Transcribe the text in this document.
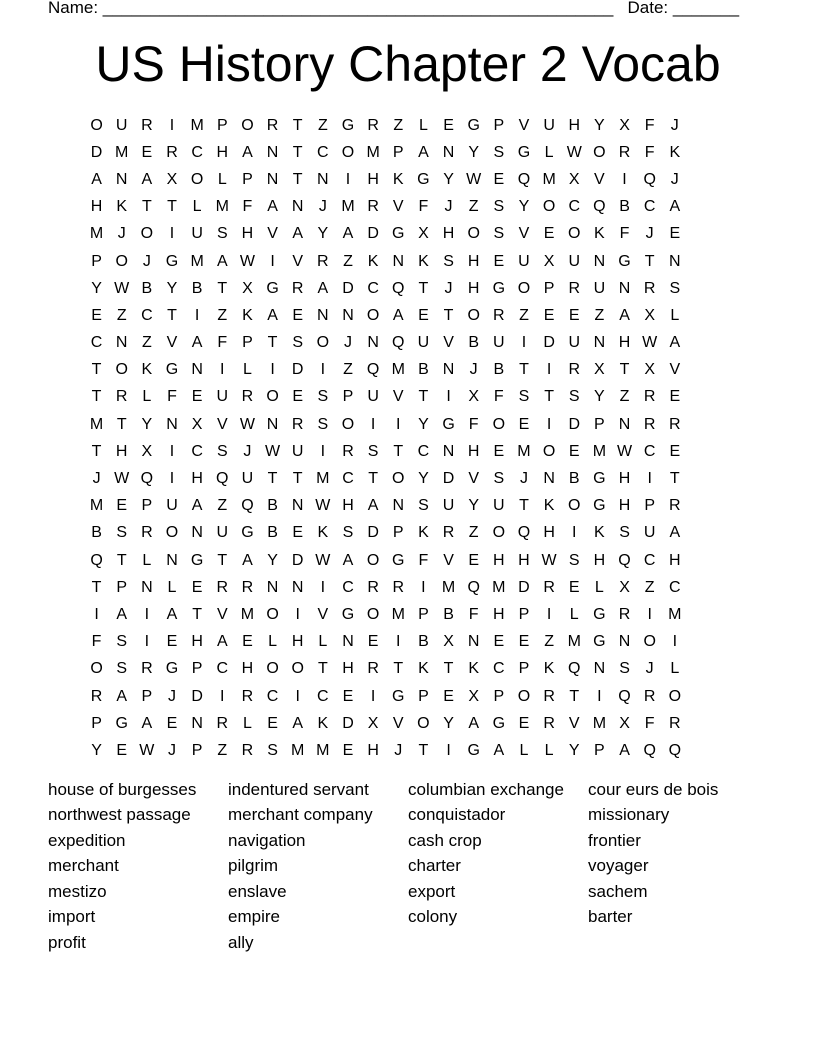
Name: ______________________________________________________ Date: _______
US History Chapter 2 Vocab
O U R	I	M P O R T Z G R Z L E G P V U H Y X F	J
D M E R C H A N T C O M P A N Y S G L W O R F K
A N A X O L P N T N	I	H K G Y W E Q M X V	I	Q J
H K T T L M F A N J M R V F	J	Z S Y O C Q B C A
M J O	I	U S H V A Y A D G X H O S V E O K F	J E
P O J G M A W I	V R Z K N K S H E U X U N G T N
Y W B Y B T X G R A D C Q T	J H G O P R U N R S
E Z C T	I	Z K A E N N O A E T O R Z E E Z A X L
C N Z V A F P T S O J N Q U V B U	I	D U N H W A
T O K G N	I	L	I	D	I	Z Q M B N J B T	I	R X T X V
T R L F E U R O E S P U V T	I	X F S T S Y Z R E
M T Y N X V W N R S O	I	I	Y G F O E	I	D P N R R
T H X	I	C S J W U	I	R S T C N H E M O E M W C E
J W Q	I	H Q U T T M C T O Y D V S J N B G H	I	T
M E P U A Z Q B N W H A N S U Y U T K O G H P R
B S R O N U G B E K S D P K R Z O Q H	I	K S U A
Q T L N G T A Y D W A O G F V E H H W S H Q C H
T P N L E R R N N	I	C R R	I	M Q M D R E L X Z C
I	A	I	A T V M O	I	V G O M P B F H P	I	L G R	I	M
F S	I	E H A E L H L N E	I	B X N E E Z M G N O	I
O S R G P C H O O T H R T K T K C P K Q N S J	L
R A P J D	I	R C	I	C E	I	G P E X P O R T	I	Q R O
P G A E N R L E A K D X V O Y A G E R V M X F R
Y E W J P Z R S M M E H J	T	I	G A L	L Y P A Q Q
house of burgesses	indentured servant	columbian exchange	cour eurs de bois
northwest passage	merchant company	conquistador	missionary
expedition	navigation	cash crop	frontier
merchant	pilgrim	charter	voyager
mestizo	enslave	export	sachem
import	empire	colony	barter
profit	ally
